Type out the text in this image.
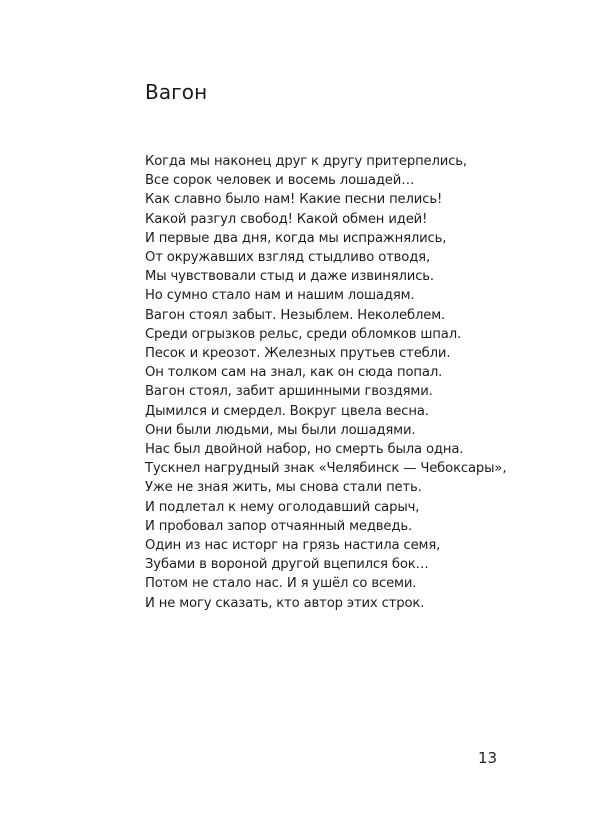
Вагон
Когда мы наконец друг к другу притерпелись,
Все сорок человек и восемь лошадей…
Как славно было нам! Какие песни пелись!
Какой разгул свобод! Какой обмен идей!
И первые два дня, когда мы испражнялись,
От окружавших взгляд стыдливо отводя,
Мы чувствовали стыд и даже извинялись.
Но сумно стало нам и нашим лошадям.
Вагон стоял забыт. Незыблем. Неколеблем.
Среди огрызков рельс, среди обломков шпал.
Песок и креозот. Железных прутьев стебли.
Он толком сам на знал, как он сюда попал.
Вагон стоял, забит аршинными гвоздями.
Дымился и смердел. Вокруг цвела весна.
Они были людьми, мы были лошадями.
Нас был двойной набор, но смерть была одна.
Тускнел нагрудный знак «Челябинск — Чебоксары»,
Уже не зная жить, мы снова стали петь.
И подлетал к нему оголодавший сарыч,
И пробовал запор отчаянный медведь.
Один из нас исторг на грязь настила семя,
Зубами в вороной другой вцепился бок…
Потом не стало нас. И я ушёл со всеми.
И не могу сказать, кто автор этих строк.
13
